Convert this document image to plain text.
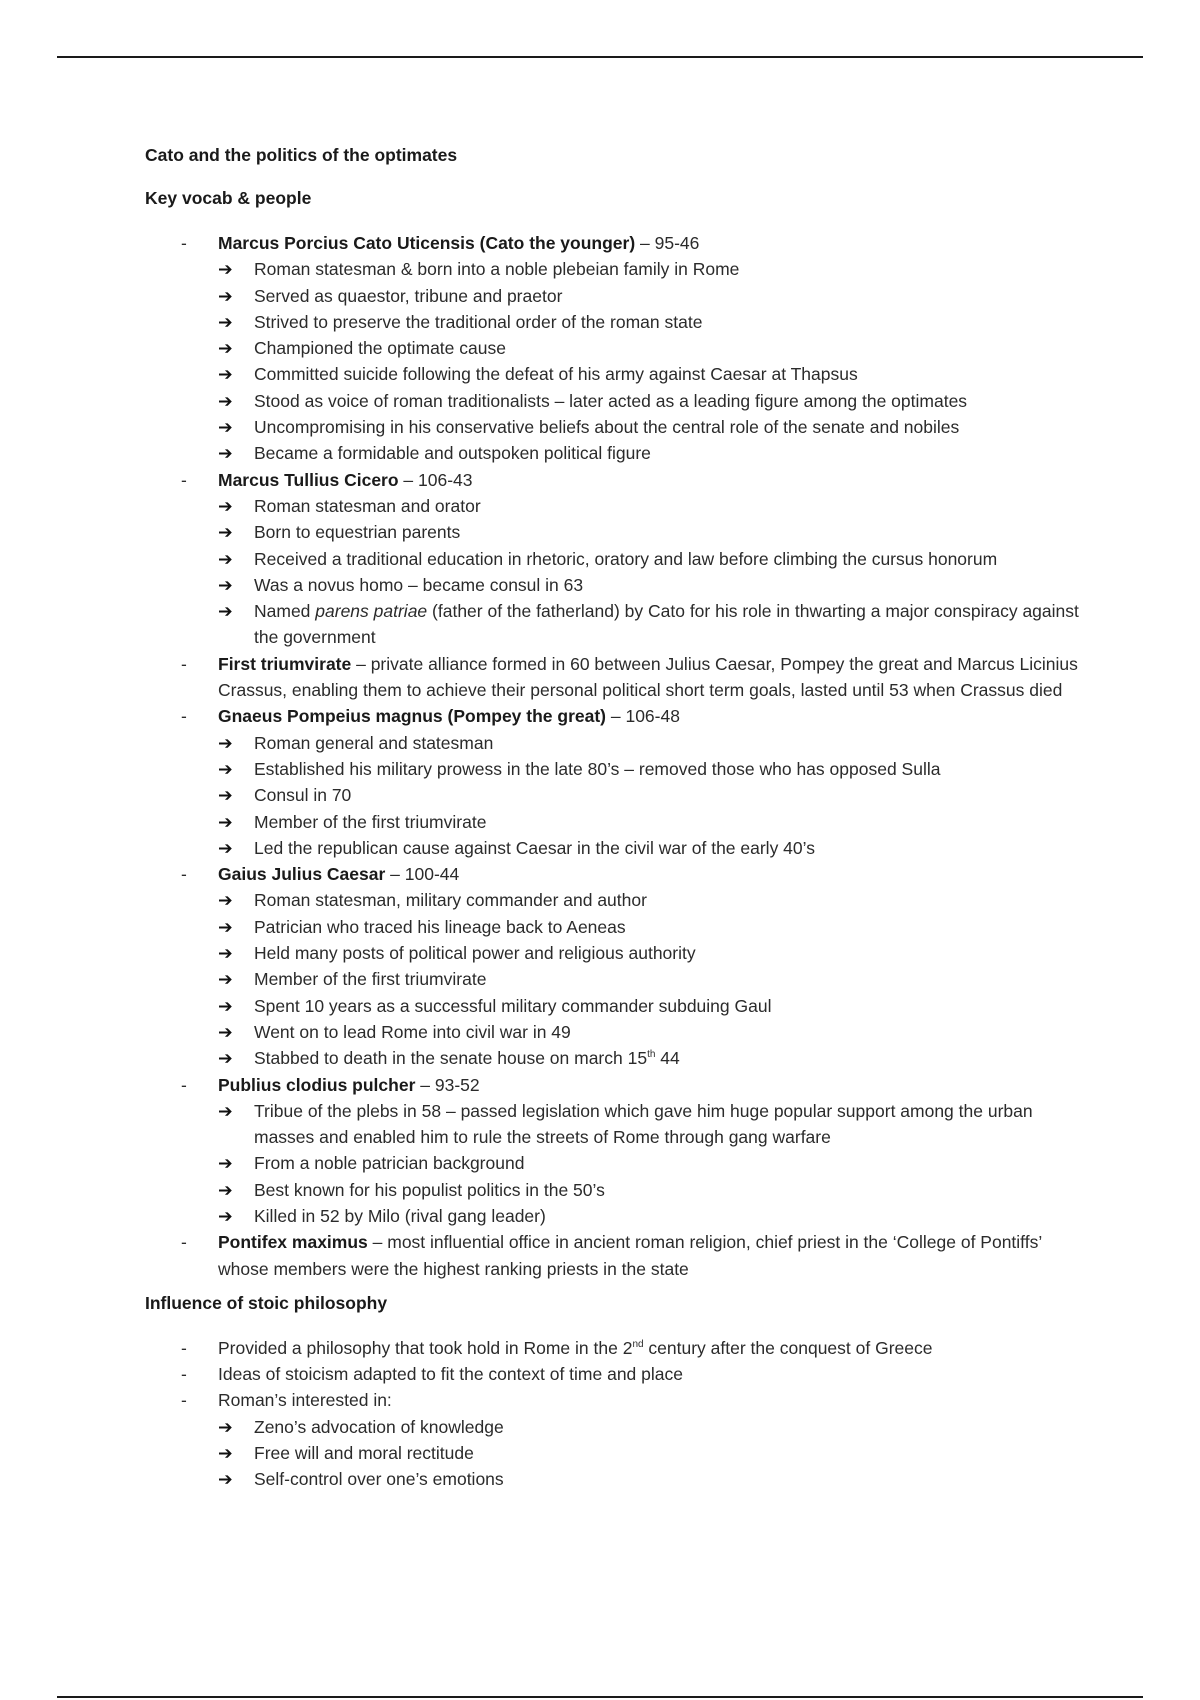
Cato and the politics of the optimates
Key vocab & people
- Marcus Porcius Cato Uticensis (Cato the younger) – 95-46
➔ Roman statesman & born into a noble plebeian family in Rome
➔ Served as quaestor, tribune and praetor
➔ Strived to preserve the traditional order of the roman state
➔ Championed the optimate cause
➔ Committed suicide following the defeat of his army against Caesar at Thapsus
➔ Stood as voice of roman traditionalists – later acted as a leading figure among the optimates
➔ Uncompromising in his conservative beliefs about the central role of the senate and nobiles
➔ Became a formidable and outspoken political figure
- Marcus Tullius Cicero – 106-43
➔ Roman statesman and orator
➔ Born to equestrian parents
➔ Received a traditional education in rhetoric, oratory and law before climbing the cursus honorum
➔ Was a novus homo – became consul in 63
➔ Named parens patriae (father of the fatherland) by Cato for his role in thwarting a major conspiracy against the government
- First triumvirate – private alliance formed in 60 between Julius Caesar, Pompey the great and Marcus Licinius Crassus, enabling them to achieve their personal political short term goals, lasted until 53 when Crassus died
- Gnaeus Pompeius magnus (Pompey the great) – 106-48
➔ Roman general and statesman
➔ Established his military prowess in the late 80’s – removed those who has opposed Sulla
➔ Consul in 70
➔ Member of the first triumvirate
➔ Led the republican cause against Caesar in the civil war of the early 40’s
- Gaius Julius Caesar – 100-44
➔ Roman statesman, military commander and author
➔ Patrician who traced his lineage back to Aeneas
➔ Held many posts of political power and religious authority
➔ Member of the first triumvirate
➔ Spent 10 years as a successful military commander subduing Gaul
➔ Went on to lead Rome into civil war in 49
➔ Stabbed to death in the senate house on march 15th 44
- Publius clodius pulcher – 93-52
➔ Tribue of the plebs in 58 – passed legislation which gave him huge popular support among the urban masses and enabled him to rule the streets of Rome through gang warfare
➔ From a noble patrician background
➔ Best known for his populist politics in the 50’s
➔ Killed in 52 by Milo (rival gang leader)
- Pontifex maximus – most influential office in ancient roman religion, chief priest in the ‘College of Pontiffs’ whose members were the highest ranking priests in the state
Influence of stoic philosophy
- Provided a philosophy that took hold in Rome in the 2nd century after the conquest of Greece
- Ideas of stoicism adapted to fit the context of time and place
- Roman’s interested in:
➔ Zeno’s advocation of knowledge
➔ Free will and moral rectitude
➔ Self-control over one’s emotions
